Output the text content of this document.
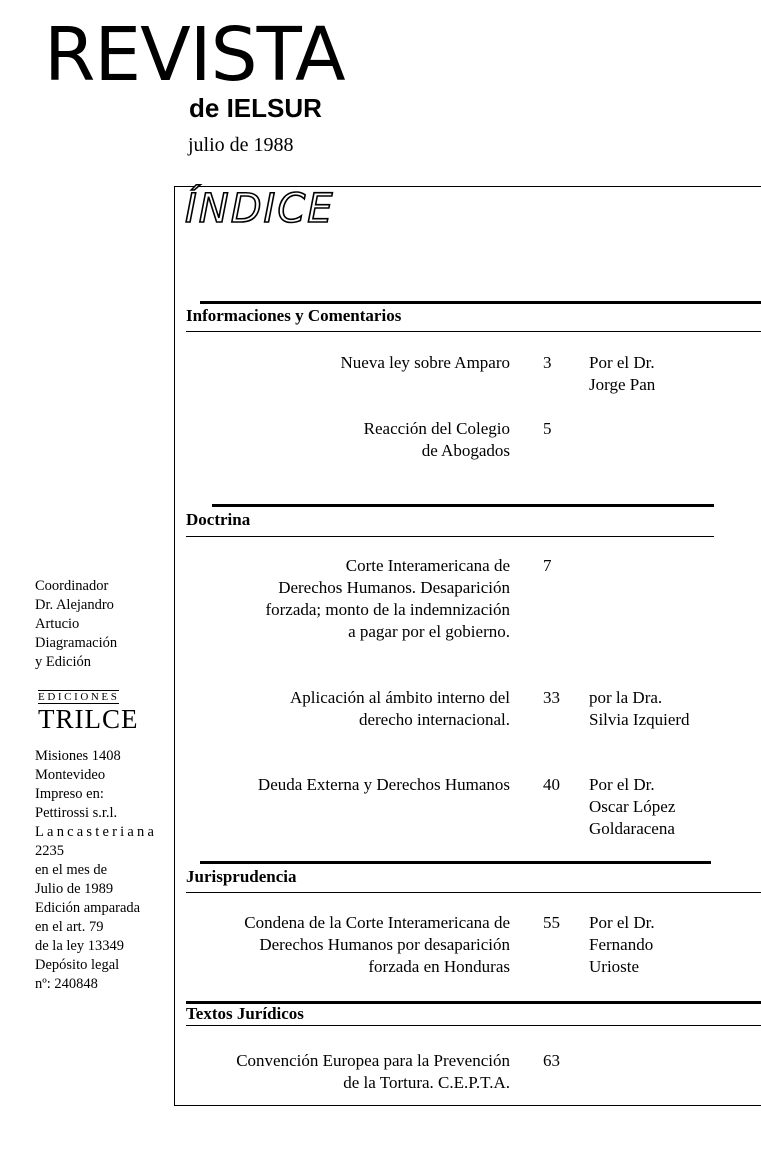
REVISTA
de IELSUR
julio de 1988
ÍNDICE
Informaciones y Comentarios
Nueva ley sobre Amparo 3 Por el Dr.
Jorge Pan
Reacción del Colegio
de Abogados
5
Doctrina
Corte Interamericana de
Derechos Humanos. Desaparición
forzada; monto de la indemnización
a pagar por el gobierno.
7
Aplicación al ámbito interno del
derecho internacional.
33 por la Dra.
Silvia Izquierd
Deuda Externa y Derechos Humanos 40 Por el Dr.
Oscar López
Goldaracena
Jurisprudencia
Condena de la Corte Interamericana de
Derechos Humanos por desaparición
forzada en Honduras
55 Por el Dr.
Fernando
Urioste
Textos Jurídicos
Convención Europea para la Prevención
de la Tortura. C.E.P.T.A.
63
Coordinador
Dr. Alejandro
Artucio
Diagramación
y Edición
EDICIONES
TRILCE
Misiones 1408
Montevideo
Impreso en:
Pettirossi s.r.l.
Lancasteriana
2235
en el mes de
Julio de 1989
Edición amparada
en el art. 79
de la ley 13349
Depósito legal
nº: 240848
